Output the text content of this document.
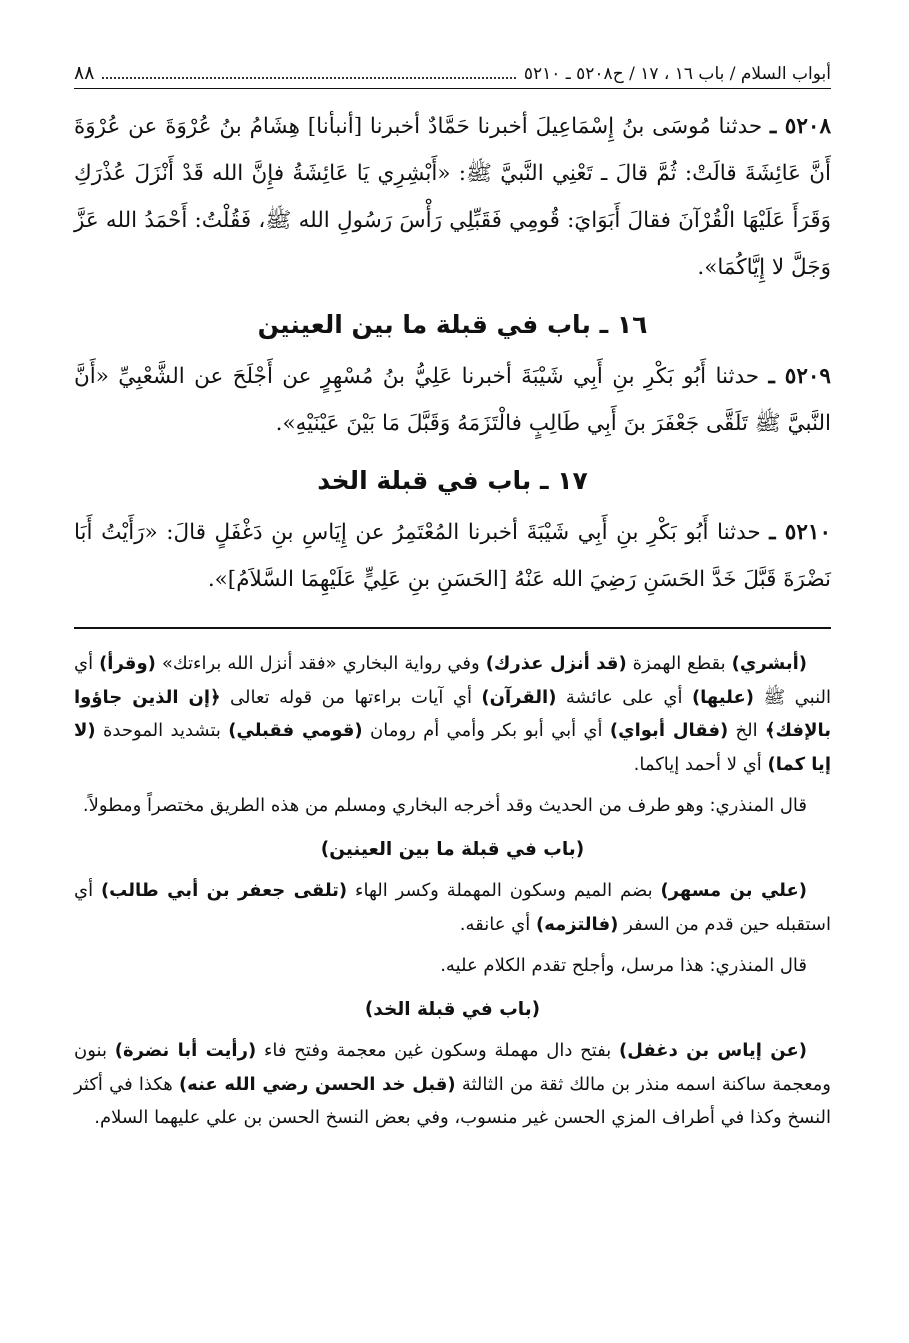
أبواب السلام / باب ١٦ ، ١٧ / ح٥٢٠٨ ـ ٥٢١٠
٨٨

٥٢٠٨ ـ حدثنا مُوسَى بنُ إِسْمَاعِيلَ أخبرنا حَمَّادٌ أخبرنا [أنبأنا] هِشَامُ بنُ عُرْوَةَ عن عُرْوَةَ أَنَّ عَائِشَةَ قالَتْ: ثُمَّ قالَ ـ تَعْنِي النَّبيَّ ﷺ: «أَبْشِرِي يَا عَائِشَةُ فإِنَّ الله قَدْ أَنْزَلَ عُذْرَكِ وَقَرَأَ عَلَيْهَا الْقُرْآنَ فقالَ أَبَوَايَ: قُومِي فَقَبِّلِي رَأْسَ رَسُولِ الله ﷺ، فَقُلْتُ: أَحْمَدُ الله عَزَّ وَجَلَّ لا إِيَّاكُمَا».

١٦ ـ باب في قبلة ما بين العينين

٥٢٠٩ ـ حدثنا أَبُو بَكْرِ بنِ أَبِي شَيْبَةَ أخبرنا عَلِيُّ بنُ مُسْهِرٍ عن أَجْلَحَ عن الشَّعْبِيِّ «أَنَّ النَّبيَّ ﷺ تَلَقَّى جَعْفَرَ بنَ أَبِي طَالِبٍ فالْتَزَمَهُ وَقَبَّلَ مَا بَيْنَ عَيْنَيْهِ».

١٧ ـ باب في قبلة الخد

٥٢١٠ ـ حدثنا أَبُو بَكْرِ بنِ أَبِي شَيْبَةَ أخبرنا المُعْتَمِرُ عن إِيَاسِ بنِ دَغْفَلٍ قالَ: «رَأَيْتُ أَبَا نَضْرَةَ قَبَّلَ خَدَّ الحَسَنِ رَضِيَ الله عَنْهُ [الحَسَنِ بنِ عَلِيٍّ عَلَيْهِمَا السَّلاَمُ]».

(أبشري) بقطع الهمزة (قد أنزل عذرك) وفي رواية البخاري «فقد أنزل الله براءتك» (وقرأ) أي النبي ﷺ (عليها) أي على عائشة (القرآن) أي آيات براءتها من قوله تعالى ﴿إن الذين جاؤوا بالإفك﴾ الخ (فقال أبواي) أي أبي أبو بكر وأمي أم رومان (قومي فقبلي) بتشديد الموحدة (لا إيا كما) أي لا أحمد إياكما.

قال المنذري: وهو طرف من الحديث وقد أخرجه البخاري ومسلم من هذه الطريق مختصراً ومطولاً.

(باب في قبلة ما بين العينين)

(علي بن مسهر) بضم الميم وسكون المهملة وكسر الهاء (تلقى جعفر بن أبي طالب) أي استقبله حين قدم من السفر (فالتزمه) أي عانقه.

قال المنذري: هذا مرسل، وأجلح تقدم الكلام عليه.

(باب في قبلة الخد)

(عن إياس بن دغفل) بفتح دال مهملة وسكون غين معجمة وفتح فاء (رأيت أبا نضرة) بنون ومعجمة ساكنة اسمه منذر بن مالك ثقة من الثالثة (قبل خد الحسن رضي الله عنه) هكذا في أكثر النسخ وكذا في أطراف المزي الحسن غير منسوب، وفي بعض النسخ الحسن بن علي عليهما السلام.
